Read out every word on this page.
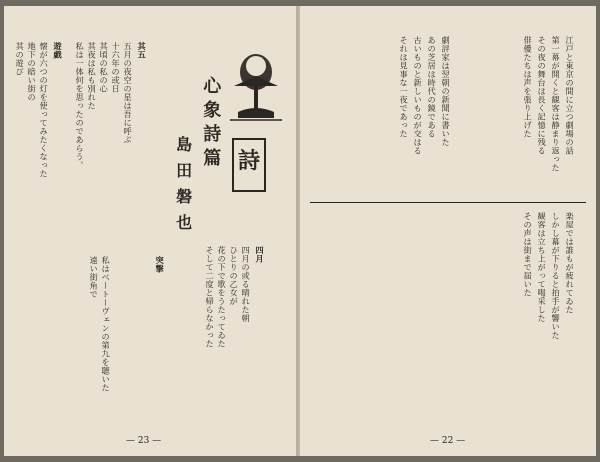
詩
心象詩篇
島田磐也
其五
五月の夜空の星は吾に呼ぶ
十六年の或日
其頃の私の心
其夜は私も別れた
私は一体何を思ったのであらう。
遊戯
懐が六つの灯を使ってみたくなった
地下の暗い街の
其の遊び
四月
四月の或る晴れた朝
ひとりの乙女が
花の下で歌をうたってゐた
そして二度と帰らなかった
突撃
私はベートーヴェンの第九を聴いた
遠い街角で
— 23 —
江戸と東京の間に立つ劇場の話
第一幕が開くと観客は静まり返った
その夜の舞台は長く記憶に残る
俳優たちは声を張り上げた
劇評家は翌朝の新聞に書いた
あの芝居は時代の鏡である
古いものと新しいものが交はる
それは見事な一夜であった
楽屋では誰もが疲れてゐた
しかし幕が下りると拍手が響いた
観客は立ち上がって喝采した
その声は街まで届いた
— 22 —
